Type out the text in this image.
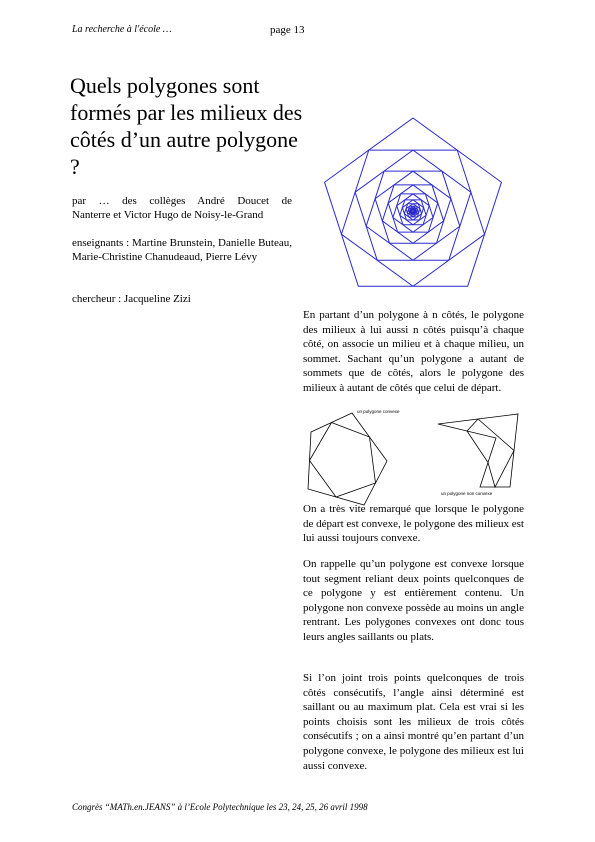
La recherche à l'école …	page 13
Quels polygones sont formés par les milieux des côtés d’un autre polygone ?

par … des collèges André Doucet de

Nanterre et Victor Hugo de Noisy-le-Grand

enseignants : Martine Brunstein, Danielle Buteau, Marie-Christine Chanudeaud, Pierre Lévy

chercheur : Jacqueline Zizi

En partant d’un polygone à n côtés, le polygone des milieux à lui aussi n côtés puisqu’à chaque côté, on associe un milieu et à chaque milieu, un sommet. Sachant qu’un polygone a autant de sommets que de côtés, alors le polygone des milieux à autant de côtés que celui de départ.

un polygone convexe
un polygone non convexe

On a très vite remarqué que lorsque le polygone de départ est convexe, le polygone des milieux est lui aussi toujours convexe.

On rappelle qu’un polygone est convexe lorsque tout segment reliant deux points quelconques de ce polygone y est entièrement contenu. Un polygone non convexe possède au moins un angle rentrant. Les polygones convexes ont donc tous leurs angles saillants ou plats.

Si l’on joint trois points quelconques de trois côtés consécutifs, l’angle ainsi déterminé est saillant ou au maximum plat. Cela est vrai si les points choisis sont les milieux de trois côtés consécutifs ; on a ainsi montré qu’en partant d’un polygone convexe, le polygone des milieux est lui aussi convexe.

Congrès “MATh.en.JEANS” à l’Ecole Polytechnique les 23, 24, 25, 26 avril 1998
